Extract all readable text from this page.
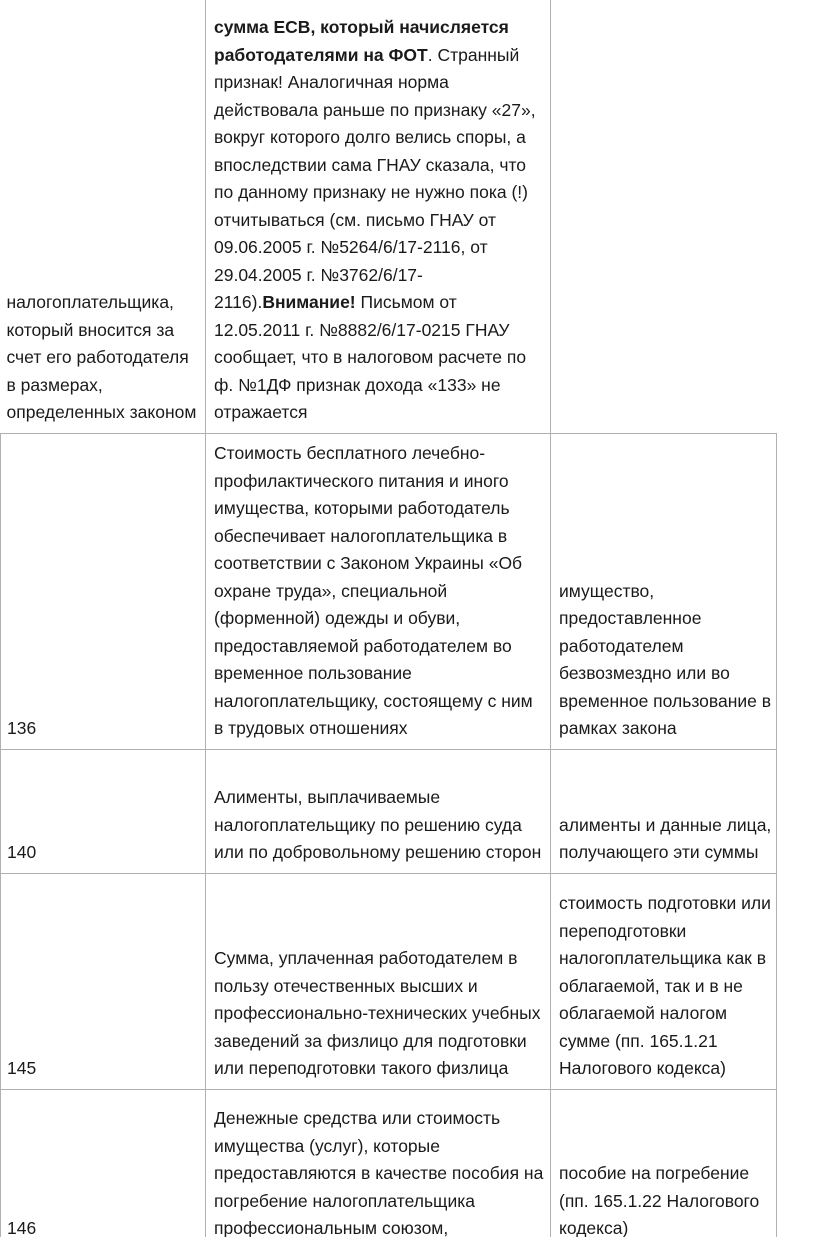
налогоплательщика, который вносится за счет его работодателя в размерах, определенных законом	сумма ЕСВ, который начисляется работодателями на ФОТ. Странный признак! Аналогичная норма действовала раньше по признаку «27», вокруг которого долго велись споры, а впоследствии сама ГНАУ сказала, что по данному признаку не нужно пока (!) отчитываться (см. письмо ГНАУ от 09.06.2005 г. №5264/6/17-2116, от 29.04.2005 г. №3762/6/17-2116).Внимание! Письмом от 12.05.2011 г. №8882/6/17-0215 ГНАУ сообщает, что в налоговом расчете по ф. №1ДФ признак дохода «133» не отражается	
136	Стоимость бесплатного лечебно-профилактического питания и иного имущества, которыми работодатель обеспечивает налогоплательщика в соответствии с Законом Украины «Об охране труда», специальной (форменной) одежды и обуви, предоставляемой работодателем во временное пользование налогоплательщику, состоящему с ним в трудовых отношениях	имущество, предоставленное работодателем безвозмездно или во временное пользование в рамках закона
140	Алименты, выплачиваемые налогоплательщику по решению суда или по добровольному решению сторон	алименты и данные лица, получающего эти суммы
145	Сумма, уплаченная работодателем в пользу отечественных высших и профессионально-технических учебных заведений за физлицо для подготовки или переподготовки такого физлица	стоимость подготовки или переподготовки налогоплательщика как в облагаемой, так и в не облагаемой налогом сумме (пп. 165.1.21 Налогового кодекса)
146	Денежные средства или стоимость имущества (услуг), которые предоставляются в качестве пособия на погребение налогоплательщика профессиональным союзом,	пособие на погребение (пп. 165.1.22 Налогового кодекса)
